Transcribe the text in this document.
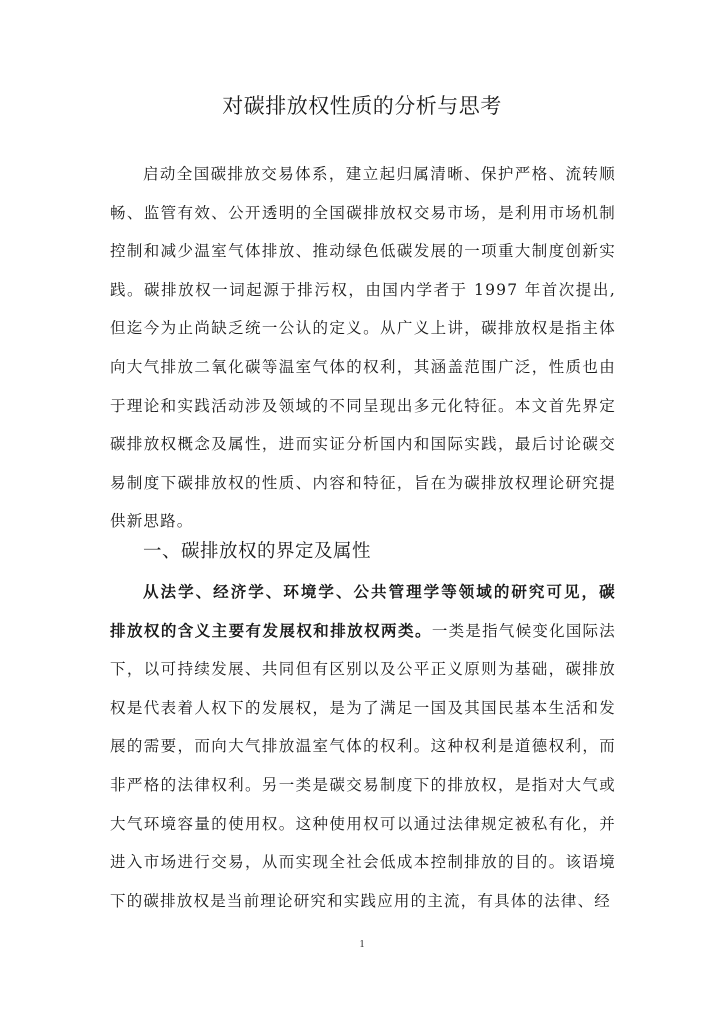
对碳排放权性质的分析与思考
启动全国碳排放交易体系，建立起归属清晰、保护严格、流转顺畅、监管有效、公开透明的全国碳排放权交易市场，是利用市场机制控制和减少温室气体排放、推动绿色低碳发展的一项重大制度创新实践。碳排放权一词起源于排污权，由国内学者于 1997 年首次提出,但迄今为止尚缺乏统一公认的定义。从广义上讲，碳排放权是指主体向大气排放二氧化碳等温室气体的权利，其涵盖范围广泛，性质也由于理论和实践活动涉及领域的不同呈现出多元化特征。本文首先界定碳排放权概念及属性，进而实证分析国内和国际实践，最后讨论碳交易制度下碳排放权的性质、内容和特征，旨在为碳排放权理论研究提供新思路。
一、碳排放权的界定及属性
从法学、经济学、环境学、公共管理学等领域的研究可见，碳排放权的含义主要有发展权和排放权两类。一类是指气候变化国际法下，以可持续发展、共同但有区别以及公平正义原则为基础，碳排放权是代表着人权下的发展权，是为了满足一国及其国民基本生活和发展的需要，而向大气排放温室气体的权利。这种权利是道德权利，而非严格的法律权利。另一类是碳交易制度下的排放权，是指对大气或大气环境容量的使用权。这种使用权可以通过法律规定被私有化，并进入市场进行交易，从而实现全社会低成本控制排放的目的。该语境下的碳排放权是当前理论研究和实践应用的主流，有具体的法律、经
1
